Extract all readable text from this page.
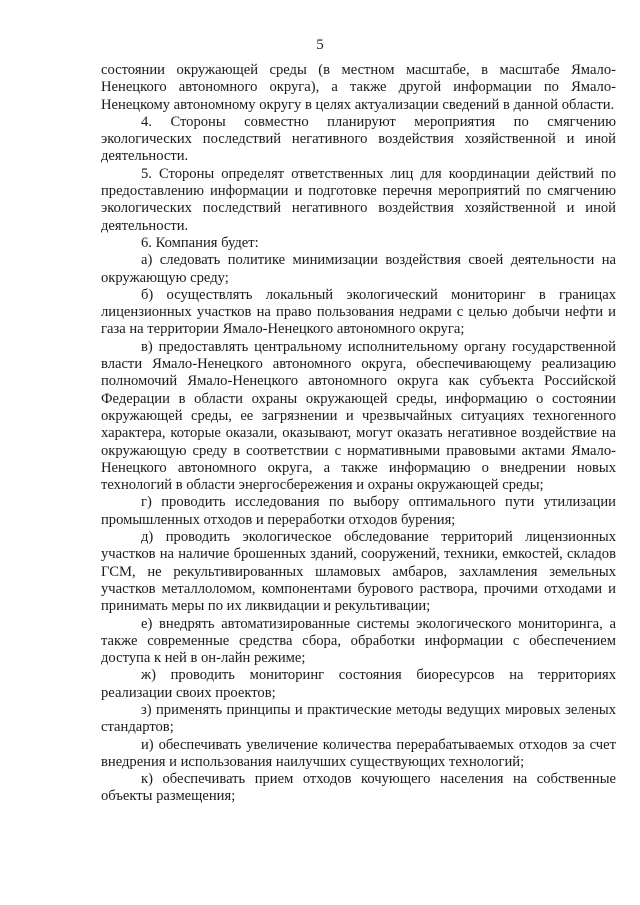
5

состоянии окружающей среды (в местном масштабе, в масштабе Ямало-Ненецкого автономного округа), а также другой информации по Ямало-Ненецкому автономному округу в целях актуализации сведений в данной области.

4. Стороны совместно планируют мероприятия по смягчению экологических последствий негативного воздействия хозяйственной и иной деятельности.

5. Стороны определят ответственных лиц для координации действий по предоставлению информации и подготовке перечня мероприятий по смягчению экологических последствий негативного воздействия хозяйственной и иной деятельности.

6. Компания будет:

а) следовать политике минимизации воздействия своей деятельности на окружающую среду;

б) осуществлять локальный экологический мониторинг в границах лицензионных участков на право пользования недрами с целью добычи нефти и газа на территории Ямало-Ненецкого автономного округа;

в) предоставлять центральному исполнительному органу государственной власти Ямало-Ненецкого автономного округа, обеспечивающему реализацию полномочий Ямало-Ненецкого автономного округа как субъекта Российской Федерации в области охраны окружающей среды, информацию о состоянии окружающей среды, ее загрязнении и чрезвычайных ситуациях техногенного характера, которые оказали, оказывают, могут оказать негативное воздействие на окружающую среду в соответствии с нормативными правовыми актами Ямало-Ненецкого автономного округа, а также информацию о внедрении новых технологий в области энергосбережения и охраны окружающей среды;

г) проводить исследования по выбору оптимального пути утилизации промышленных отходов и переработки отходов бурения;

д) проводить экологическое обследование территорий лицензионных участков на наличие брошенных зданий, сооружений, техники, емкостей, складов ГСМ, не рекультивированных шламовых амбаров, захламления земельных участков металлоломом, компонентами бурового раствора, прочими отходами и принимать меры по их ликвидации и рекультивации;

е) внедрять автоматизированные системы экологического мониторинга, а также современные средства сбора, обработки информации с обеспечением доступа к ней в он-лайн режиме;

ж) проводить мониторинг состояния биоресурсов на территориях реализации своих проектов;

з) применять принципы и практические методы ведущих мировых зеленых стандартов;

и) обеспечивать увеличение количества перерабатываемых отходов за счет внедрения и использования наилучших существующих технологий;

к) обеспечивать прием отходов кочующего населения на собственные объекты размещения;
